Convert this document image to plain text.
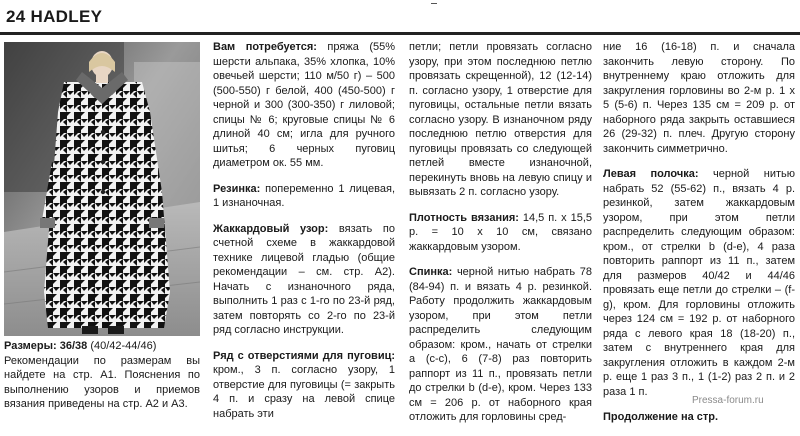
24 HADLEY

Размеры: 36/38 (40/42-44/46)

Рекомендации по размерам вы найдете на стр. А1. Пояснения по выполнению узоров и приемов вязания приведены на стр. А2 и А3.

Вам потребуется: пряжа (55% шерсти альпака, 35% хлопка, 10% овечьей шерсти; 110 м/50 г) – 500 (500-550) г белой, 400 (450-500) г черной и 300 (300-350) г лиловой; спицы № 6; круговые спицы № 6 длиной 40 см; игла для ручного шитья; 6 черных пуговиц диаметром ок. 55 мм.

Резинка: попеременно 1 лицевая, 1 изнаночная.

Жаккардовый узор: вязать по счетной схеме в жаккардовой технике лицевой гладью (общие рекомендации – см. стр. А2). Начать с изнаночного ряда, выполнить 1 раз с 1-го по 23-й ряд, затем повторять со 2-го по 23-й ряд согласно инструкции.

Ряд с отверстиями для пуговиц: кром., 3 п. согласно узору, 1 отверстие для пуговицы (= закрыть 4 п. и сразу на левой спице набрать эти

петли; петли провязать согласно узору, при этом последнюю петлю провязать скрещенной), 12 (12-14) п. согласно узору, 1 отверстие для пуговицы, остальные петли вязать согласно узору. В изнаночном ряду последнюю петлю отверстия для пуговицы провязать со следующей петлей вместе изнаночной, перекинуть вновь на левую спицу и вывязать 2 п. согласно узору.

Плотность вязания: 14,5 п. х 15,5 р. = 10 х 10 см, связано жаккардовым узором.

Спинка: черной нитью набрать 78 (84-94) п. и вязать 4 р. резинкой. Работу продолжить жаккардовым узором, при этом петли распределить следующим образом: кром., начать от стрелки a (c-c), 6 (7-8) раз повторить раппорт из 11 п., провязать петли до стрелки b (d-e), кром. Через 133 см = 206 р. от наборного края отложить для горловины сред-

ние 16 (16-18) п. и сначала закончить левую сторону. По внутреннему краю отложить для закругления горловины во 2-м р. 1 х 5 (5-6) п. Через 135 см = 209 р. от наборного ряда закрыть оставшиеся 26 (29-32) п. плеч. Другую сторону закончить симметрично.

Левая полочка: черной нитью набрать 52 (55-62) п., вязать 4 р. резинкой, затем жаккардовым узором, при этом петли распределить следующим образом: кром., от стрелки b (d-e), 4 раза повторить раппорт из 11 п., затем для размеров 40/42 и 44/46 провязать еще петли до стрелки – (f-g), кром. Для горловины отложить через 124 см = 192 р. от наборного ряда с левого края 18 (18-20) п., затем с внутреннего края для закругления отложить в каждом 2-м р. еще 1 раз 3 п., 1 (1-2) раз 2 п. и 2 раза 1 п.

Продолжение на стр.

Pressa-forum.ru
